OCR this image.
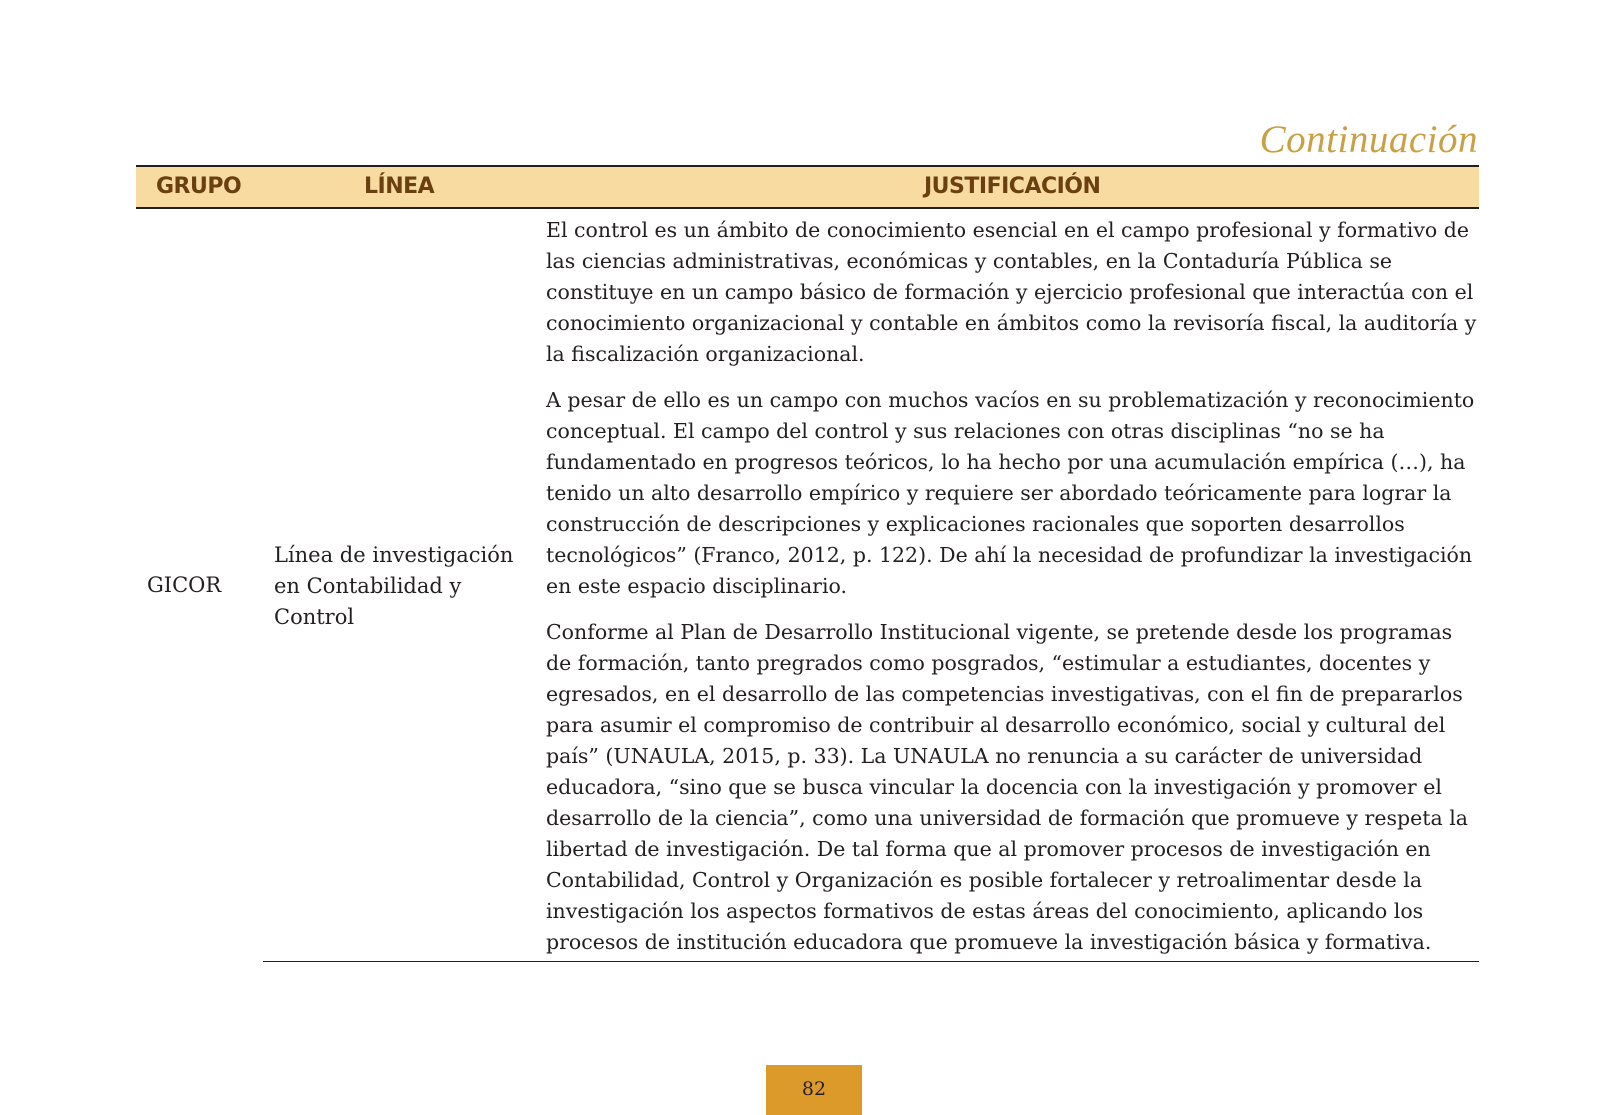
Continuación
GRUPO	LÍNEA	JUSTIFICACIÓN
GICOR
Línea de investigación en Contabilidad y Control

El control es un ámbito de conocimiento esencial en el campo profesional y formativo de las ciencias administrativas, económicas y contables, en la Contaduría Pública se constituye en un campo básico de formación y ejercicio profesional que interactúa con el conocimiento organizacional y contable en ámbitos como la revisoría fiscal, la auditoría y la fiscalización organizacional.

A pesar de ello es un campo con muchos vacíos en su problematización y reconocimiento conceptual. El campo del control y sus relaciones con otras disciplinas “no se ha fundamentado en progresos teóricos, lo ha hecho por una acumulación empírica (…), ha tenido un alto desarrollo empírico y requiere ser abordado teóricamente para lograr la construcción de descripciones y explicaciones racionales que soporten desarrollos tecnológicos” (Franco, 2012, p. 122). De ahí la necesidad de profundizar la investigación en este espacio disciplinario.

Conforme al Plan de Desarrollo Institucional vigente, se pretende desde los programas de formación, tanto pregrados como posgrados, “estimular a estudiantes, docentes y egresados, en el desarrollo de las competencias investigativas, con el fin de prepararlos para asumir el compromiso de contribuir al desarrollo económico, social y cultural del país” (UNAULA, 2015, p. 33). La UNAULA no renuncia a su carácter de universidad educadora, “sino que se busca vincular la docencia con la investigación y promover el desarrollo de la ciencia”, como una universidad de formación que promueve y respeta la libertad de investigación. De tal forma que al promover procesos de investigación en Contabilidad, Control y Organización es posible fortalecer y retroalimentar desde la investigación los aspectos formativos de estas áreas del conocimiento, aplicando los procesos de institución educadora que promueve la investigación básica y formativa.

82
